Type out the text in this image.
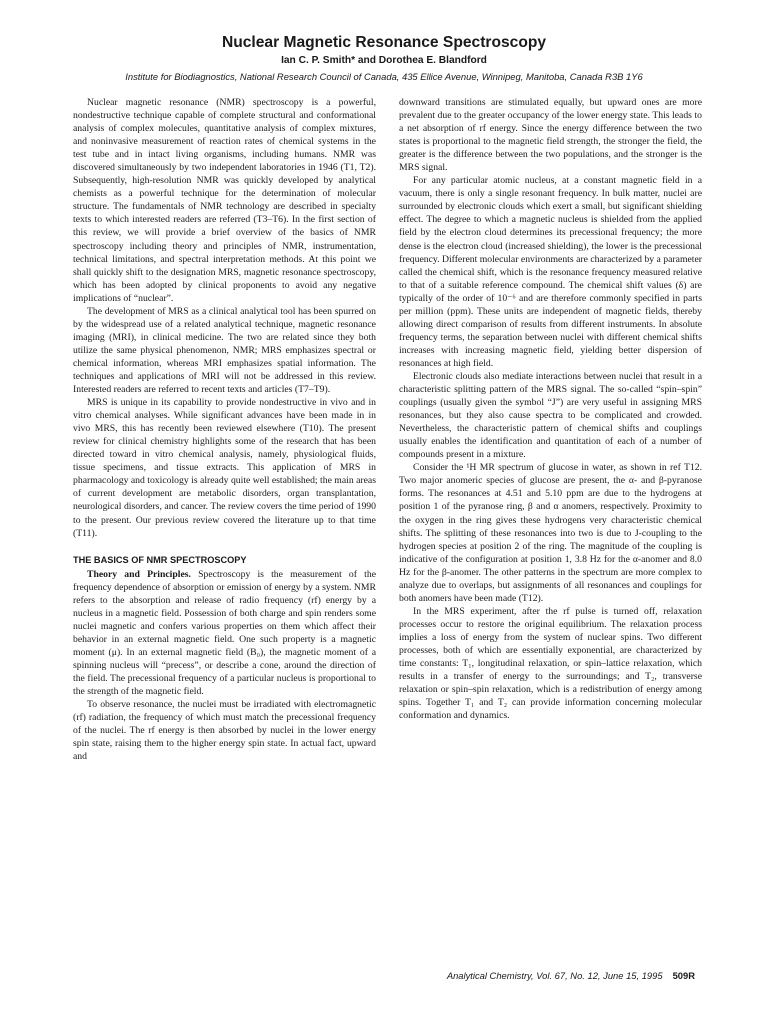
Nuclear Magnetic Resonance Spectroscopy

Ian C. P. Smith* and Dorothea E. Blandford

Institute for Biodiagnostics, National Research Council of Canada, 435 Ellice Avenue, Winnipeg, Manitoba, Canada R3B 1Y6

Nuclear magnetic resonance (NMR) spectroscopy is a powerful, nondestructive technique capable of complete structural and conformational analysis of complex molecules, quantitative analysis of complex mixtures, and noninvasive measurement of reaction rates of chemical systems in the test tube and in intact living organisms, including humans. NMR was discovered simultaneously by two independent laboratories in 1946 (T1, T2). Subsequently, high-resolution NMR was quickly developed by analytical chemists as a powerful technique for the determination of molecular structure. The fundamentals of NMR technology are described in specialty texts to which interested readers are referred (T3–T6). In the first section of this review, we will provide a brief overview of the basics of NMR spectroscopy including theory and principles of NMR, instrumentation, technical limitations, and spectral interpretation methods. At this point we shall quickly shift to the designation MRS, magnetic resonance spectroscopy, which has been adopted by clinical proponents to avoid any negative implications of “nuclear”.

The development of MRS as a clinical analytical tool has been spurred on by the widespread use of a related analytical technique, magnetic resonance imaging (MRI), in clinical medicine. The two are related since they both utilize the same physical phenomenon, NMR; MRS emphasizes spectral or chemical information, whereas MRI emphasizes spatial information. The techniques and applications of MRI will not be addressed in this review. Interested readers are referred to recent texts and articles (T7–T9).

MRS is unique in its capability to provide nondestructive in vivo and in vitro chemical analyses. While significant advances have been made in in vivo MRS, this has recently been reviewed elsewhere (T10). The present review for clinical chemistry highlights some of the research that has been directed toward in vitro chemical analysis, namely, physiological fluids, tissue specimens, and tissue extracts. This application of MRS in pharmacology and toxicology is already quite well established; the main areas of current development are metabolic disorders, organ transplantation, neurological disorders, and cancer. The review covers the time period of 1990 to the present. Our previous review covered the literature up to that time (T11).

THE BASICS OF NMR SPECTROSCOPY

Theory and Principles. Spectroscopy is the measurement of the frequency dependence of absorption or emission of energy by a system. NMR refers to the absorption and release of radio frequency (rf) energy by a nucleus in a magnetic field. Possession of both charge and spin renders some nuclei magnetic and confers various properties on them which affect their behavior in an external magnetic field. One such property is a magnetic moment (μ). In an external magnetic field (B₀), the magnetic moment of a spinning nucleus will “precess”, or describe a cone, around the direction of the field. The precessional frequency of a particular nucleus is proportional to the strength of the magnetic field.

To observe resonance, the nuclei must be irradiated with electromagnetic (rf) radiation, the frequency of which must match the precessional frequency of the nuclei. The rf energy is then absorbed by nuclei in the lower energy spin state, raising them to the higher energy spin state. In actual fact, upward and

downward transitions are stimulated equally, but upward ones are more prevalent due to the greater occupancy of the lower energy state. This leads to a net absorption of rf energy. Since the energy difference between the two states is proportional to the magnetic field strength, the stronger the field, the greater is the difference between the two populations, and the stronger is the MRS signal.

For any particular atomic nucleus, at a constant magnetic field in a vacuum, there is only a single resonant frequency. In bulk matter, nuclei are surrounded by electronic clouds which exert a small, but significant shielding effect. The degree to which a magnetic nucleus is shielded from the applied field by the electron cloud determines its precessional frequency; the more dense is the electron cloud (increased shielding), the lower is the precessional frequency. Different molecular environments are characterized by a parameter called the chemical shift, which is the resonance frequency measured relative to that of a suitable reference compound. The chemical shift values (δ) are typically of the order of 10⁻⁶ and are therefore commonly specified in parts per million (ppm). These units are independent of magnetic fields, thereby allowing direct comparison of results from different instruments. In absolute frequency terms, the separation between nuclei with different chemical shifts increases with increasing magnetic field, yielding better dispersion of resonances at high field.

Electronic clouds also mediate interactions between nuclei that result in a characteristic splitting pattern of the MRS signal. The so-called “spin–spin” couplings (usually given the symbol “J”) are very useful in assigning MRS resonances, but they also cause spectra to be complicated and crowded. Nevertheless, the characteristic pattern of chemical shifts and couplings usually enables the identification and quantitation of each of a number of compounds present in a mixture.

Consider the ¹H MR spectrum of glucose in water, as shown in ref T12. Two major anomeric species of glucose are present, the α- and β-pyranose forms. The resonances at 4.51 and 5.10 ppm are due to the hydrogens at position 1 of the pyranose ring, β and α anomers, respectively. Proximity to the oxygen in the ring gives these hydrogens very characteristic chemical shifts. The splitting of these resonances into two is due to J-coupling to the hydrogen species at position 2 of the ring. The magnitude of the coupling is indicative of the configuration at position 1, 3.8 Hz for the α-anomer and 8.0 Hz for the β-anomer. The other patterns in the spectrum are more complex to analyze due to overlaps, but assignments of all resonances and couplings for both anomers have been made (T12).

In the MRS experiment, after the rf pulse is turned off, relaxation processes occur to restore the original equilibrium. The relaxation process implies a loss of energy from the system of nuclear spins. Two different processes, both of which are essentially exponential, are characterized by time constants: T₁, longitudinal relaxation, or spin–lattice relaxation, which results in a transfer of energy to the surroundings; and T₂, transverse relaxation or spin–spin relaxation, which is a redistribution of energy among spins. Together T₁ and T₂ can provide information concerning molecular conformation and dynamics.

Analytical Chemistry, Vol. 67, No. 12, June 15, 1995 509R
